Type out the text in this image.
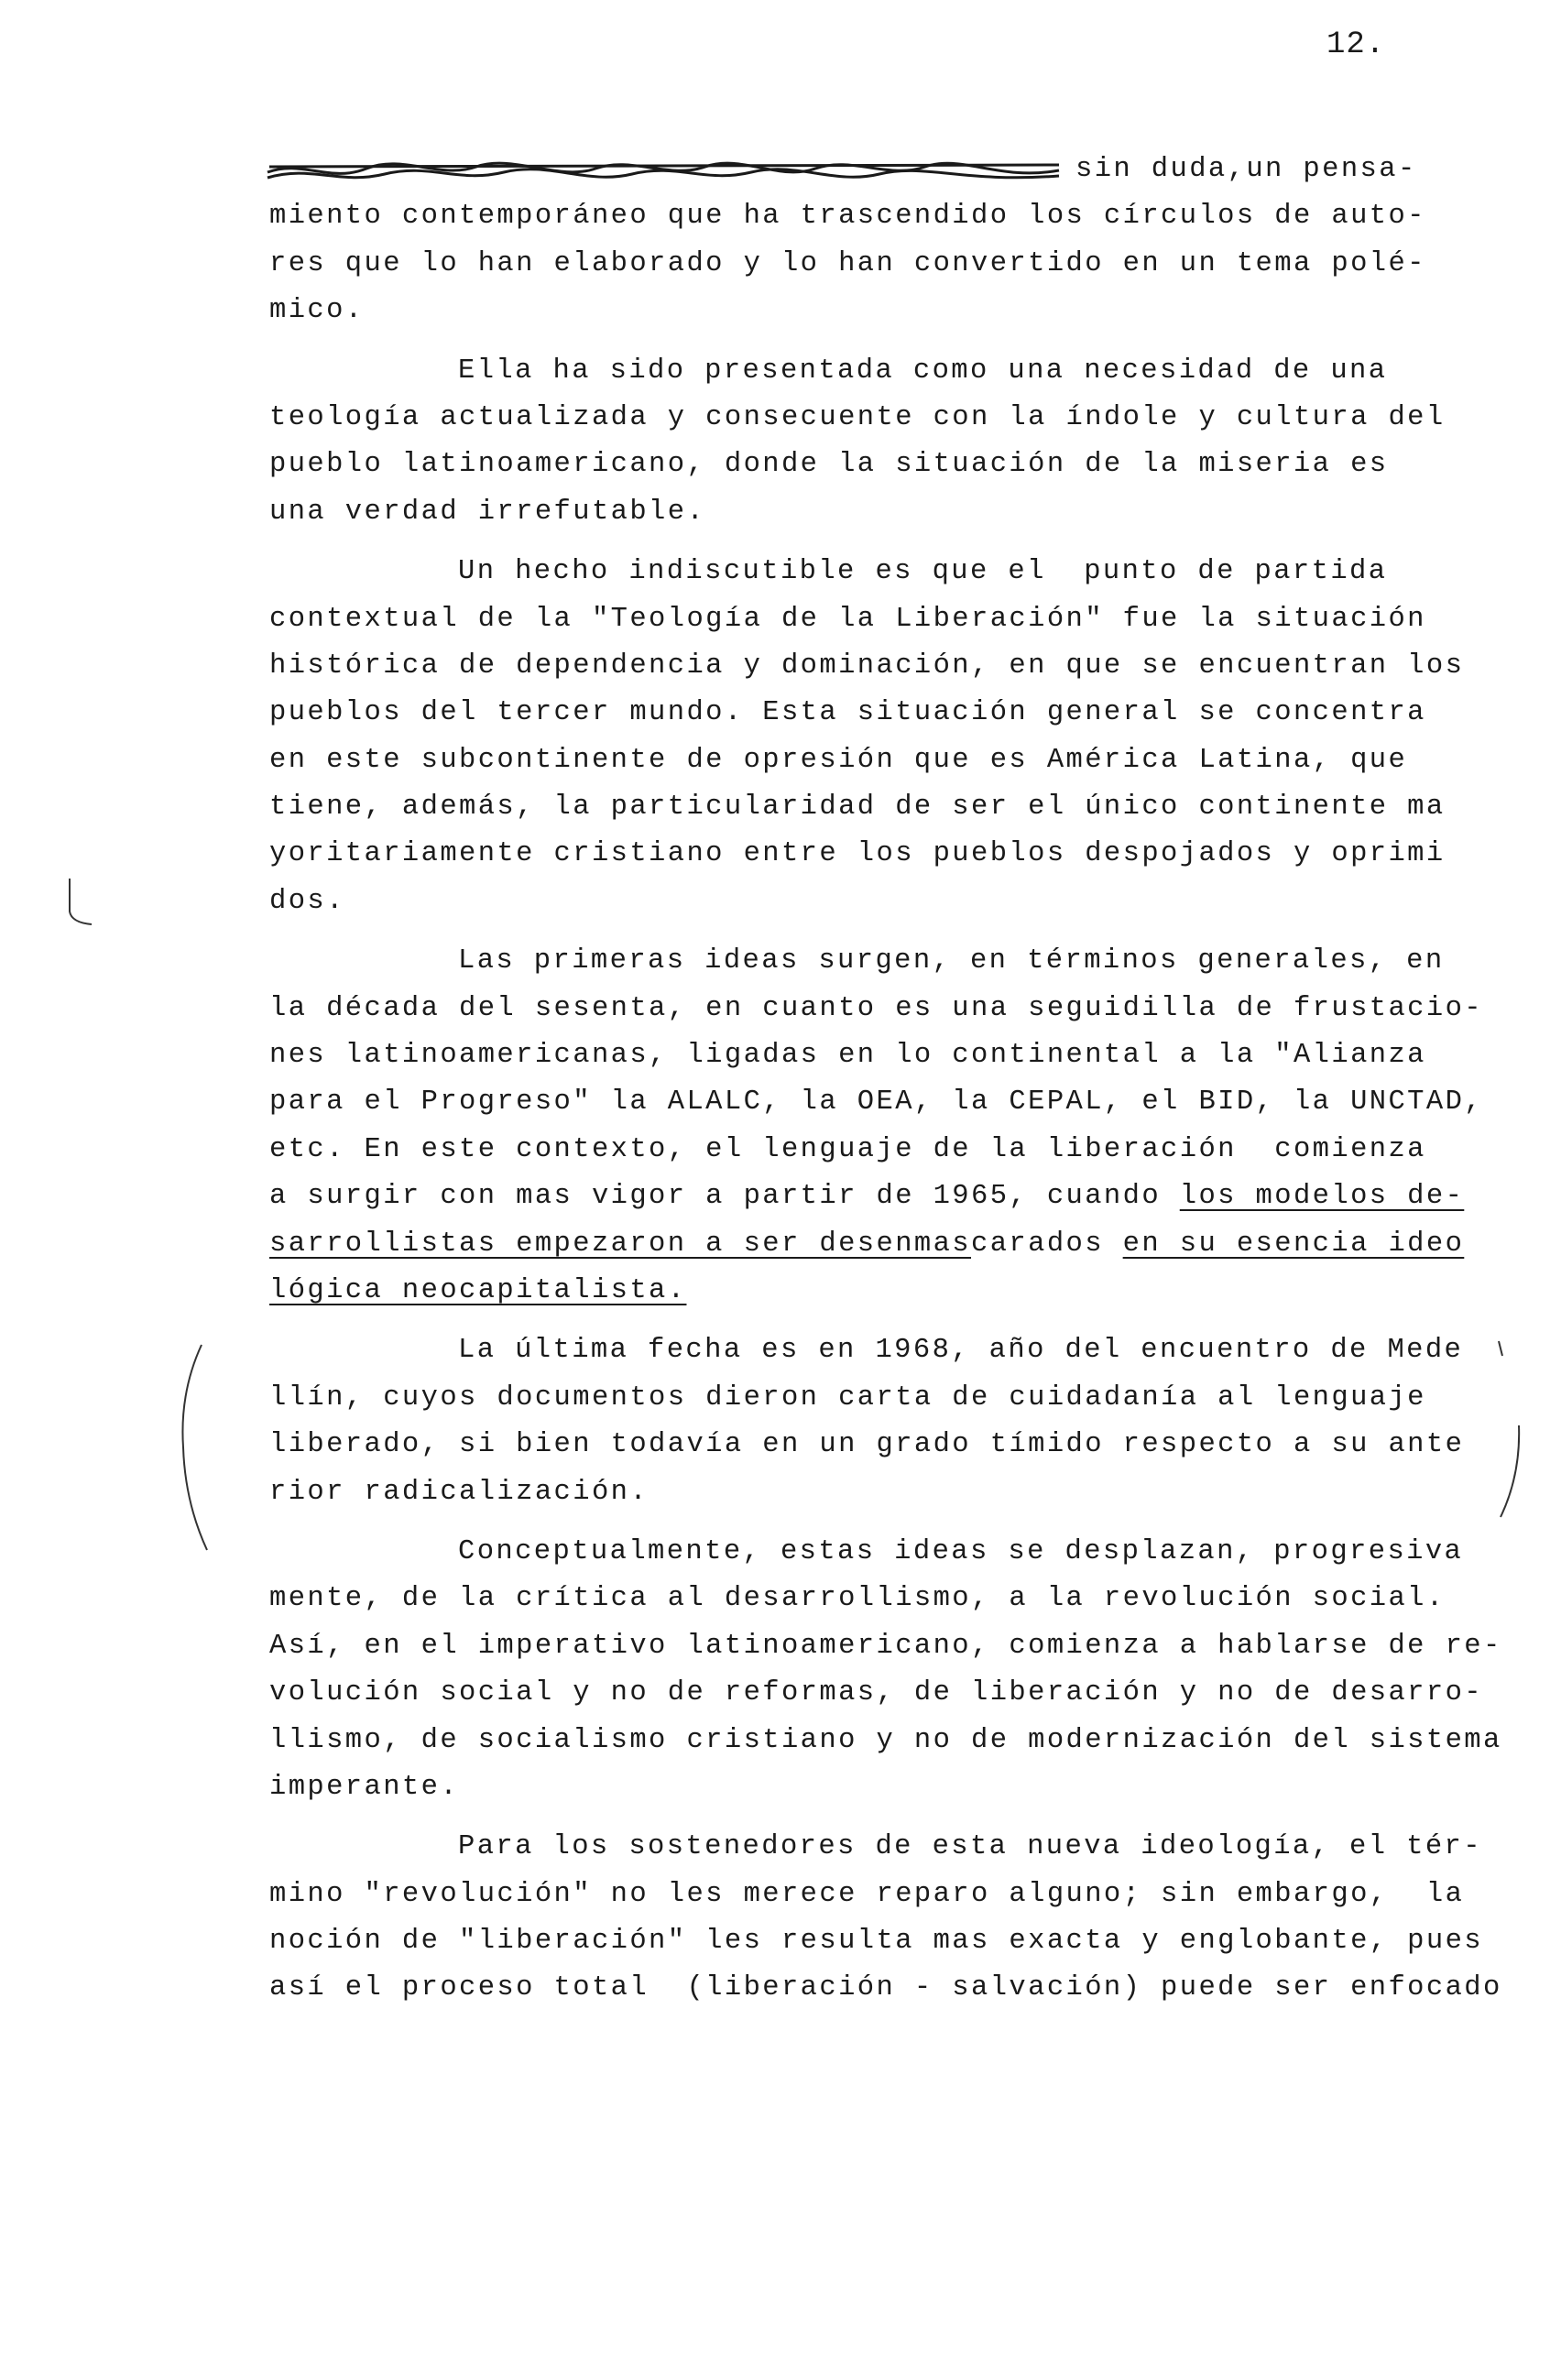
12.
sin duda,un pensa-
miento contemporáneo que ha trascendido los círculos de auto-
res que lo han elaborado y lo han convertido en un tema polé-
mico.
Ella ha sido presentada como una necesidad de una
teología actualizada y consecuente con la índole y cultura del
pueblo latinoamericano, donde la situación de la miseria es
una verdad irrefutable.
Un hecho indiscutible es que el  punto de partida
contextual de la "Teología de la Liberación" fue la situación
histórica de dependencia y dominación, en que se encuentran los
pueblos del tercer mundo. Esta situación general se concentra
en este subcontinente de opresión que es América Latina, que
tiene, además, la particularidad de ser el único continente ma
yoritariamente cristiano entre los pueblos despojados y oprimi
dos.
Las primeras ideas surgen, en términos generales, en
la década del sesenta, en cuanto es una seguidilla de frustacio-
nes latinoamericanas, ligadas en lo continental a la "Alianza
para el Progreso" la ALALC, la OEA, la CEPAL, el BID, la UNCTAD,
etc. En este contexto, el lenguaje de la liberación  comienza
a surgir con mas vigor a partir de 1965, cuando los modelos de-
sarrollistas empezaron a ser desenmascarados en su esencia ideo
lógica neocapitalista.
La última fecha es en 1968, año del encuentro de Mede
llín, cuyos documentos dieron carta de cuidadanía al lenguaje
liberado, si bien todavía en un grado tímido respecto a su ante
rior radicalización.
Conceptualmente, estas ideas se desplazan, progresiva
mente, de la crítica al desarrollismo, a la revolución social.
Así, en el imperativo latinoamericano, comienza a hablarse de re-
volución social y no de reformas, de liberación y no de desarro-
llismo, de socialismo cristiano y no de modernización del sistema
imperante.
Para los sostenedores de esta nueva ideología, el tér-
mino "revolución" no les merece reparo alguno; sin embargo,  la
noción de "liberación" les resulta mas exacta y englobante, pues
así el proceso total  (liberación - salvación) puede ser enfocado
